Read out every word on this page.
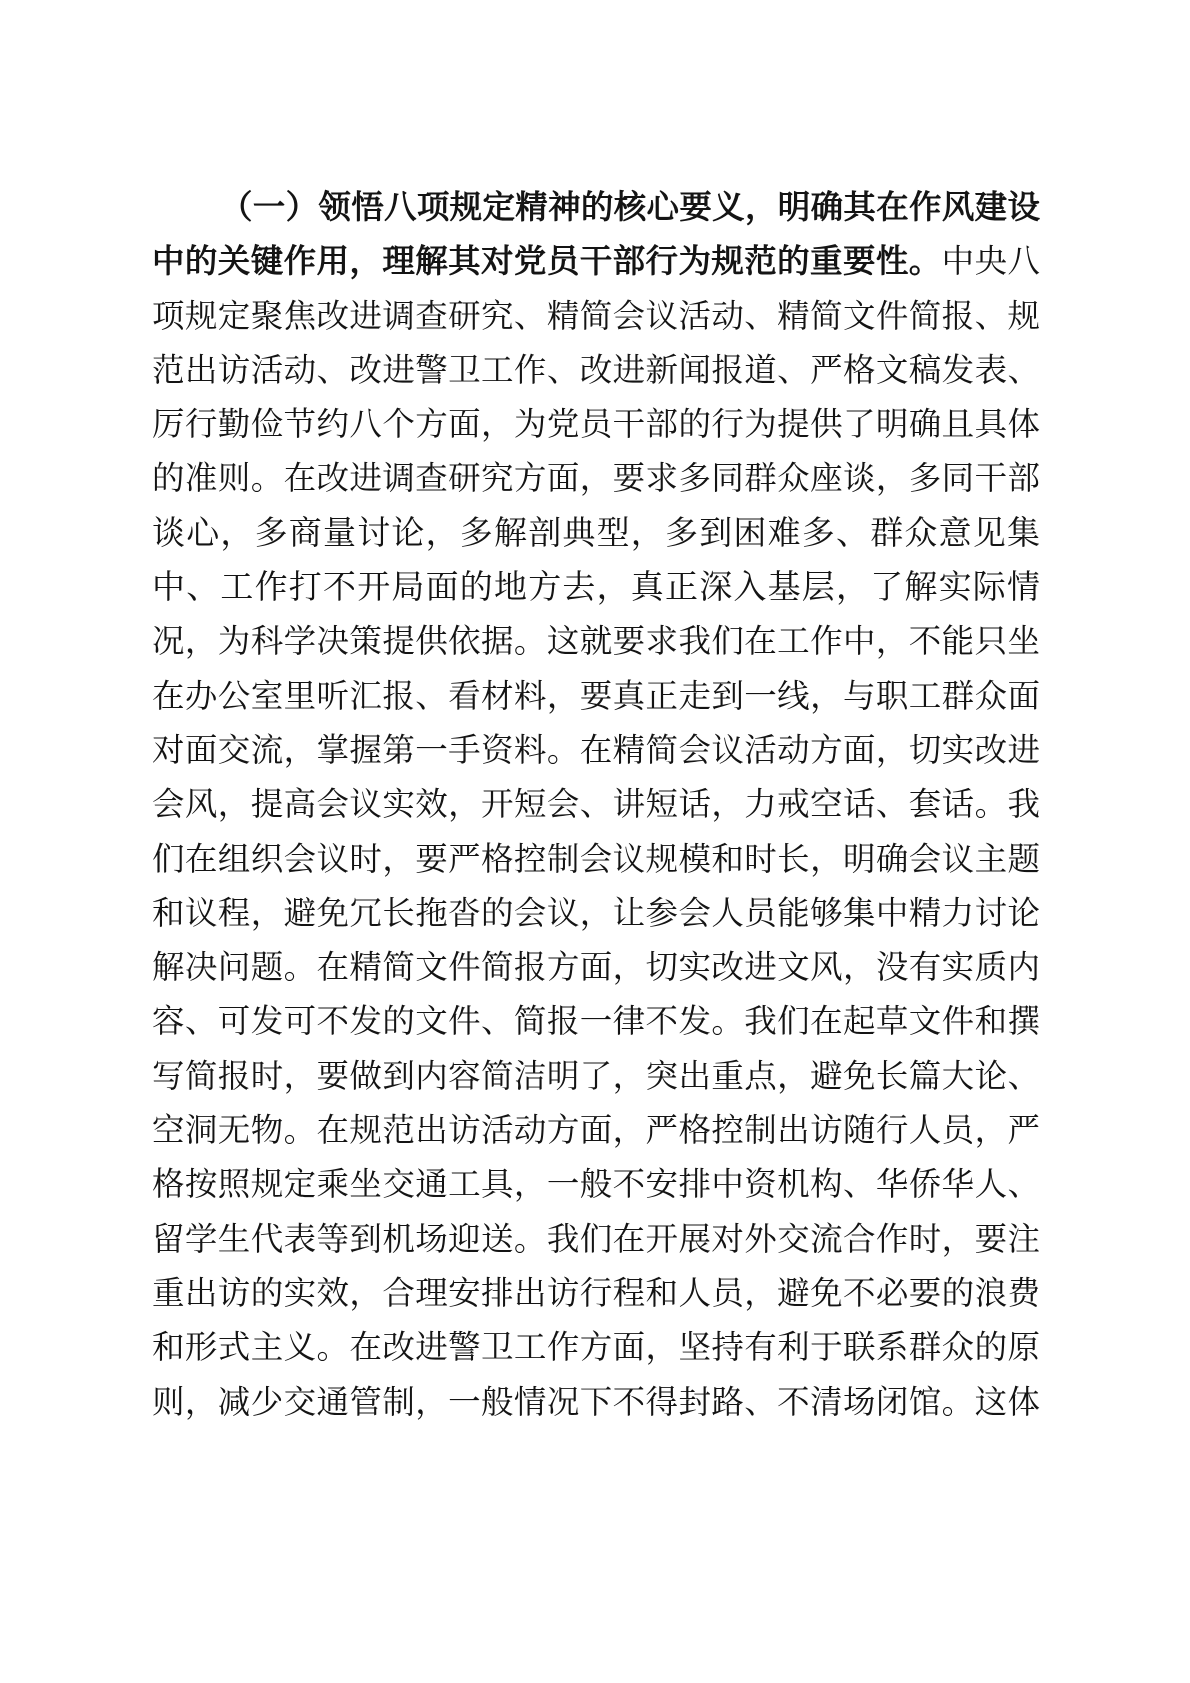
（一）领悟八项规定精神的核心要义，明确其在作风建设
中的关键作用，理解其对党员干部行为规范的重要性。中央八
项规定聚焦改进调查研究、精简会议活动、精简文件简报、规
范出访活动、改进警卫工作、改进新闻报道、严格文稿发表、
厉行勤俭节约八个方面，为党员干部的行为提供了明确且具体
的准则。在改进调查研究方面，要求多同群众座谈，多同干部
谈心，多商量讨论，多解剖典型，多到困难多、群众意见集
中、工作打不开局面的地方去，真正深入基层，了解实际情
况，为科学决策提供依据。这就要求我们在工作中，不能只坐
在办公室里听汇报、看材料，要真正走到一线，与职工群众面
对面交流，掌握第一手资料。在精简会议活动方面，切实改进
会风，提高会议实效，开短会、讲短话，力戒空话、套话。我
们在组织会议时，要严格控制会议规模和时长，明确会议主题
和议程，避免冗长拖沓的会议，让参会人员能够集中精力讨论
解决问题。在精简文件简报方面，切实改进文风，没有实质内
容、可发可不发的文件、简报一律不发。我们在起草文件和撰
写简报时，要做到内容简洁明了，突出重点，避免长篇大论、
空洞无物。在规范出访活动方面，严格控制出访随行人员，严
格按照规定乘坐交通工具，一般不安排中资机构、华侨华人、
留学生代表等到机场迎送。我们在开展对外交流合作时，要注
重出访的实效，合理安排出访行程和人员，避免不必要的浪费
和形式主义。在改进警卫工作方面，坚持有利于联系群众的原
则，减少交通管制，一般情况下不得封路、不清场闭馆。这体
